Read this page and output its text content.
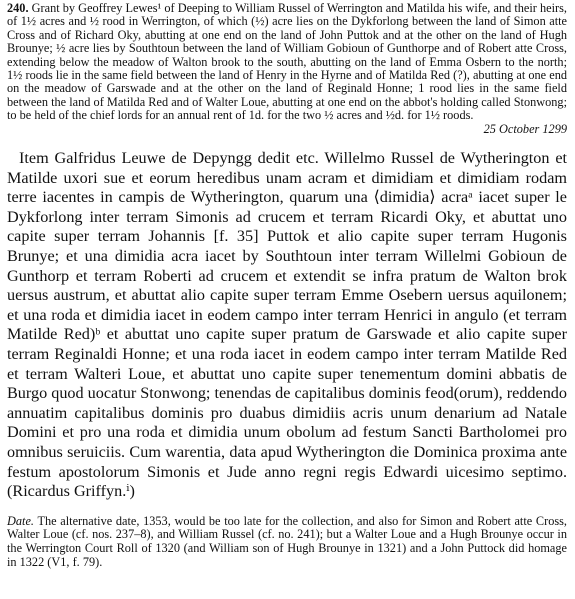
240. Grant by Geoffrey Lewes¹ of Deeping to William Russel of Werrington and Matilda his wife, and their heirs, of 1½ acres and ½ rood in Werrington, of which (½) acre lies on the Dykforlong between the land of Simon atte Cross and of Richard Oky, abutting at one end on the land of John Puttok and at the other on the land of Hugh Brounye; ½ acre lies by Southtoun between the land of William Gobioun of Gunthorpe and of Robert atte Cross, extending below the meadow of Walton brook to the south, abutting on the land of Emma Osbern to the north; 1½ roods lie in the same field between the land of Henry in the Hyrne and of Matilda Red (?), abutting at one end on the meadow of Garswade and at the other on the land of Reginald Honne; 1 rood lies in the same field between the land of Matilda Red and of Walter Loue, abutting at one end on the abbot's holding called Stonwong; to be held of the chief lords for an annual rent of 1d. for the two ½ acres and ½d. for 1½ roods.
25 October 1299
Item Galfridus Leuwe de Depyngg dedit etc. Willelmo Russel de Wytherington et Matilde uxori sue et eorum heredibus unam acram et dimidiam et dimidiam rodam terre iacentes in campis de Wytherington, quarum una ⟨dimidia⟩ acraᵃ iacet super le Dykforlong inter terram Simonis ad crucem et terram Ricardi Oky, et abuttat uno capite super terram Johannis [f. 35] Puttok et alio capite super terram Hugonis Brunye; et una dimidia acra iacet by Southtoun inter terram Willelmi Gobioun de Gunthorp et terram Roberti ad crucem et extendit se infra pratum de Walton brok uersus austrum, et abuttat alio capite super terram Emme Osebern uersus aquilonem; et una roda et dimidia iacet in eodem campo inter terram Henrici in angulo (et terram Matilde Red)ᵇ et abuttat uno capite super pratum de Garswade et alio capite super terram Reginaldi Honne; et una roda iacet in eodem campo inter terram Matilde Red et terram Walteri Loue, et abuttat uno capite super tenementum domini abbatis de Burgo quod uocatur Stonwong; tenendas de capitalibus dominis feod(orum), reddendo annuatim capitalibus dominis pro duabus dimidiis acris unum denarium ad Natale Domini et pro una roda et dimidia unum obolum ad festum Sancti Bartholomei pro omnibus seruiciis. Cum warentia, data apud Wytherington die Dominica proxima ante festum apostolorum Simonis et Jude anno regni regis Edwardi uicesimo septimo. (Ricardus Griffyn.ⁱ)
Date. The alternative date, 1353, would be too late for the collection, and also for Simon and Robert atte Cross, Walter Loue (cf. nos. 237–8), and William Russel (cf. no. 241); but a Walter Loue and a Hugh Brounye occur in the Werrington Court Roll of 1320 (and William son of Hugh Brounye in 1321) and a John Puttock did homage in 1322 (V1, f. 79).
